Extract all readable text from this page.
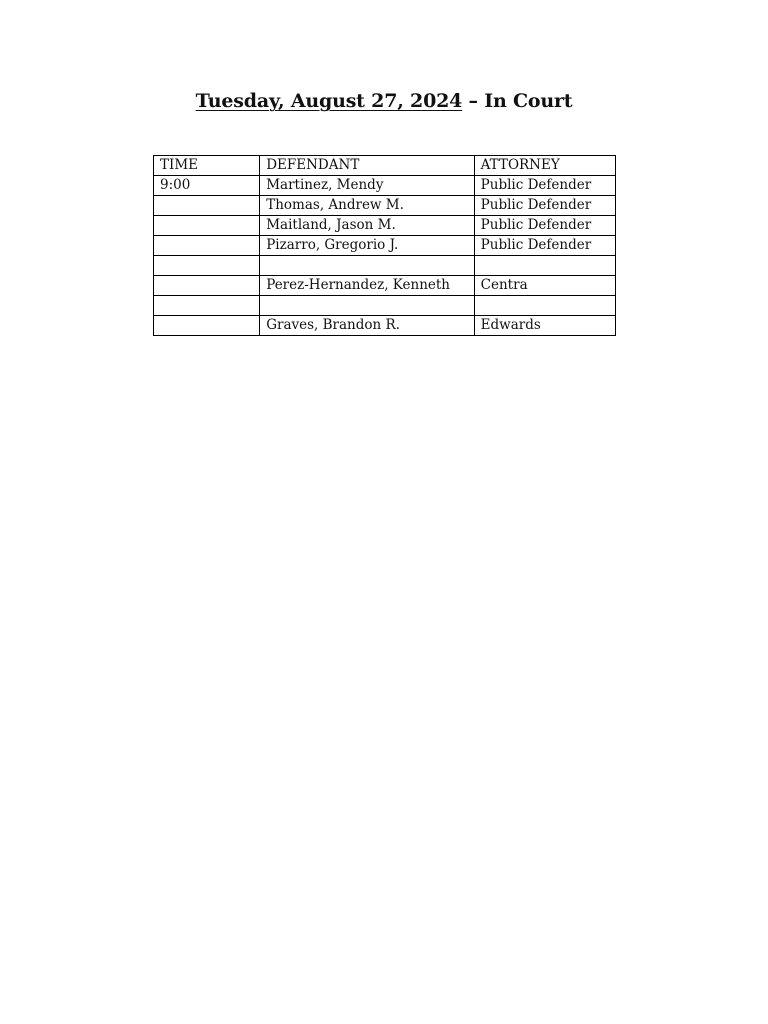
Tuesday, August 27, 2024 – In Court
TIME	DEFENDANT	ATTORNEY
9:00	Martinez, Mendy	Public Defender
	Thomas, Andrew M.	Public Defender
	Maitland, Jason M.	Public Defender
	Pizarro, Gregorio J.	Public Defender

	Perez-Hernandez, Kenneth	Centra

	Graves, Brandon R.	Edwards
